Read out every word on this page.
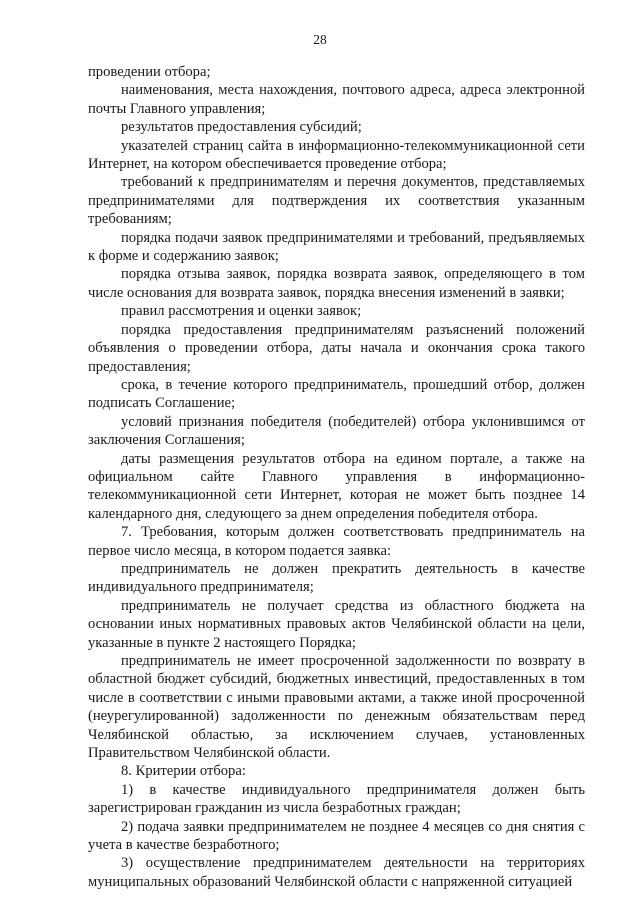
28

проведении отбора;

наименования, места нахождения, почтового адреса, адреса электронной почты Главного управления;

результатов предоставления субсидий;

указателей страниц сайта в информационно-телекоммуникационной сети Интернет, на котором обеспечивается проведение отбора;

требований к предпринимателям и перечня документов, представляемых предпринимателями для подтверждения их соответствия указанным требованиям;

порядка подачи заявок предпринимателями и требований, предъявляемых к форме и содержанию заявок;

порядка отзыва заявок, порядка возврата заявок, определяющего в том числе основания для возврата заявок, порядка внесения изменений в заявки;

правил рассмотрения и оценки заявок;

порядка предоставления предпринимателям разъяснений положений объявления о проведении отбора, даты начала и окончания срока такого предоставления;

срока, в течение которого предприниматель, прошедший отбор, должен подписать Соглашение;

условий признания победителя (победителей) отбора уклонившимся от заключения Соглашения;

даты размещения результатов отбора на едином портале, а также на официальном сайте Главного управления в информационно-телекоммуникационной сети Интернет, которая не может быть позднее 14 календарного дня, следующего за днем определения победителя отбора.

7. Требования, которым должен соответствовать предприниматель на первое число месяца, в котором подается заявка:

предприниматель не должен прекратить деятельность в качестве индивидуального предпринимателя;

предприниматель не получает средства из областного бюджета на основании иных нормативных правовых актов Челябинской области на цели, указанные в пункте 2 настоящего Порядка;

предприниматель не имеет просроченной задолженности по возврату в областной бюджет субсидий, бюджетных инвестиций, предоставленных в том числе в соответствии с иными правовыми актами, а также иной просроченной (неурегулированной) задолженности по денежным обязательствам перед Челябинской областью, за исключением случаев, установленных Правительством Челябинской области.

8. Критерии отбора:

1) в качестве индивидуального предпринимателя должен быть зарегистрирован гражданин из числа безработных граждан;

2) подача заявки предпринимателем не позднее 4 месяцев со дня снятия с учета в качестве безработного;

3) осуществление предпринимателем деятельности на территориях муниципальных образований Челябинской области с напряженной ситуацией
